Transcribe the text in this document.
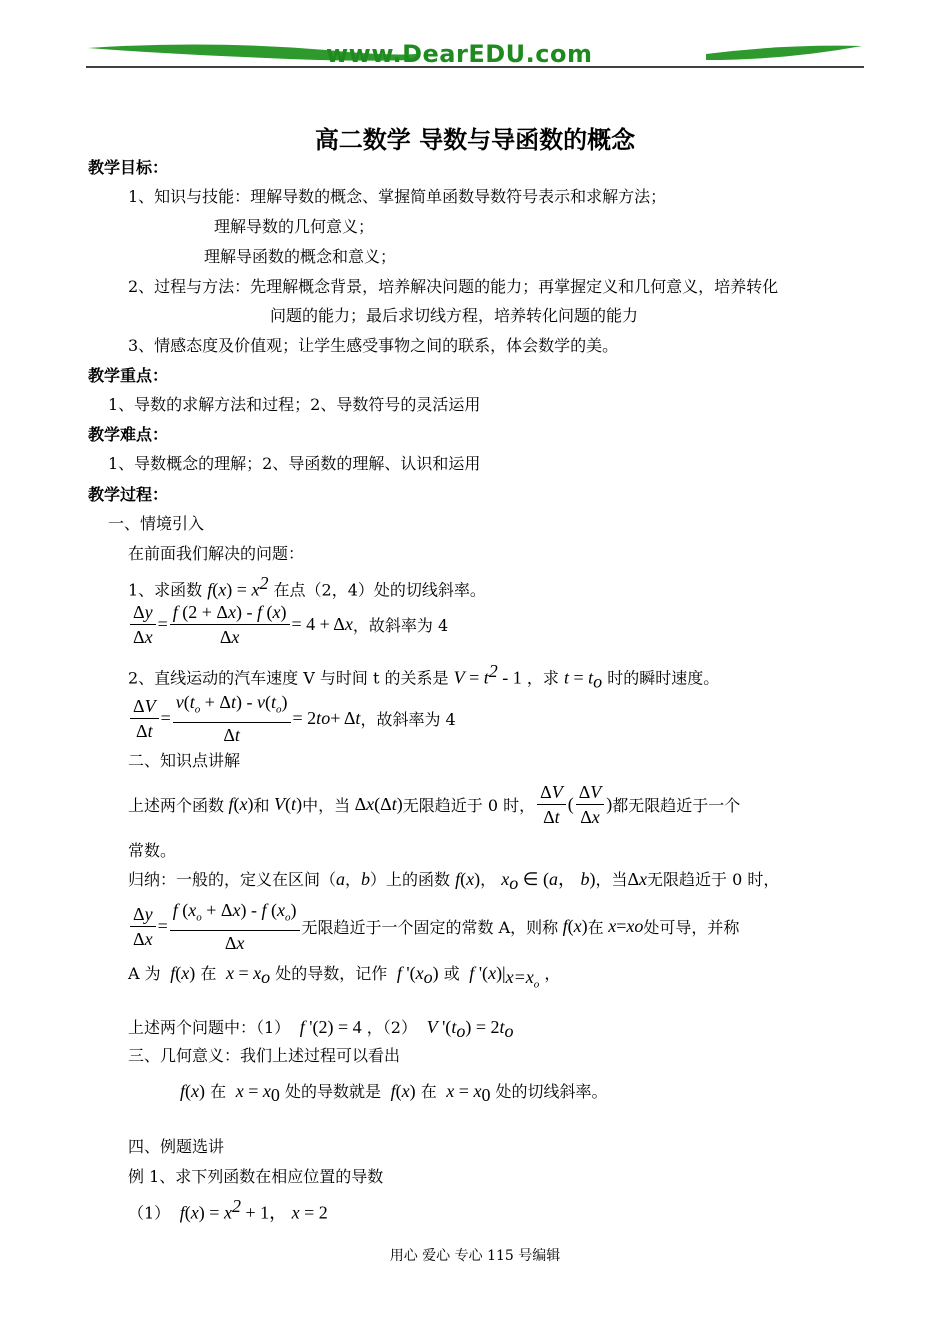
www.DearEDU.com
高二数学 导数与导函数的概念
教学目标：
1、知识与技能：理解导数的概念、掌握简单函数导数符号表示和求解方法；
理解导数的几何意义；
理解导函数的概念和意义；
2、过程与方法：先理解概念背景，培养解决问题的能力；再掌握定义和几何意义，培养转化
问题的能力；最后求切线方程，培养转化问题的能力
3、情感态度及价值观；让学生感受事物之间的联系，体会数学的美。
教学重点：
1、导数的求解方法和过程；2、导数符号的灵活运用
教学难点：
1、导数概念的理解；2、导函数的理解、认识和运用
教学过程：
一、情境引入
在前面我们解决的问题：
1、求函数 $f(x) = x^2$ 在点（2，4）处的切线斜率。
$\frac{\Delta y}{\Delta x} = \frac{f (2 + \Delta x) - f (x)}{\Delta x} = 4 + \Delta$ x ，故斜率为 4
2、直线运动的汽车速度 V 与时间 t 的关系是 $V = t^2 - 1$ ，求 $t = t_o$ 时的瞬时速度。
$\frac{\Delta V}{\Delta t} = \frac{v(t_o + \Delta t) - v(t_o)}{\Delta t} = 2$ t o + Δ t ，故斜率为 4
二、知识点讲解
上述两个函数 f ( x ) 和 V ( t ) 中，当 Δ x (Δ t ) 无限趋近于 0 时， $\frac{\Delta V}{\Delta t}$ ( $\frac{\Delta V}{\Delta x}$ ) 都无限趋近于一个
常数。
归纳：一般的，定义在区间（a，b）上的函数 f(x)， $x_o$ ∈ (a， b)，当Δx无限趋近于 0 时，
$\frac{\Delta y}{\Delta x} = \frac{f (x_o + \Delta x) - f (x_o)}{\Delta x}$ 无限趋近于一个固定的常数 A，则称 f ( x ) 在 x = x o 处可导，并称
A 为  f(x) 在  $x = x_o$ 处的导数，记作  f '$(x_o)$ 或  f '$(x)|_{x=x_o}$ ，
上述两个问题中：（1）  f '(2) = 4 ，（2）  V '$(t_o) = 2t_o$
三、几何意义：我们上述过程可以看出
f(x) 在  $x = x_0$ 处的导数就是  f(x) 在  $x = x_0$ 处的切线斜率。
四、例题选讲
例 1、求下列函数在相应位置的导数
（1）  $f(x) = x^2 + 1$， x = 2
用心 爱心 专心 115 号编辑
